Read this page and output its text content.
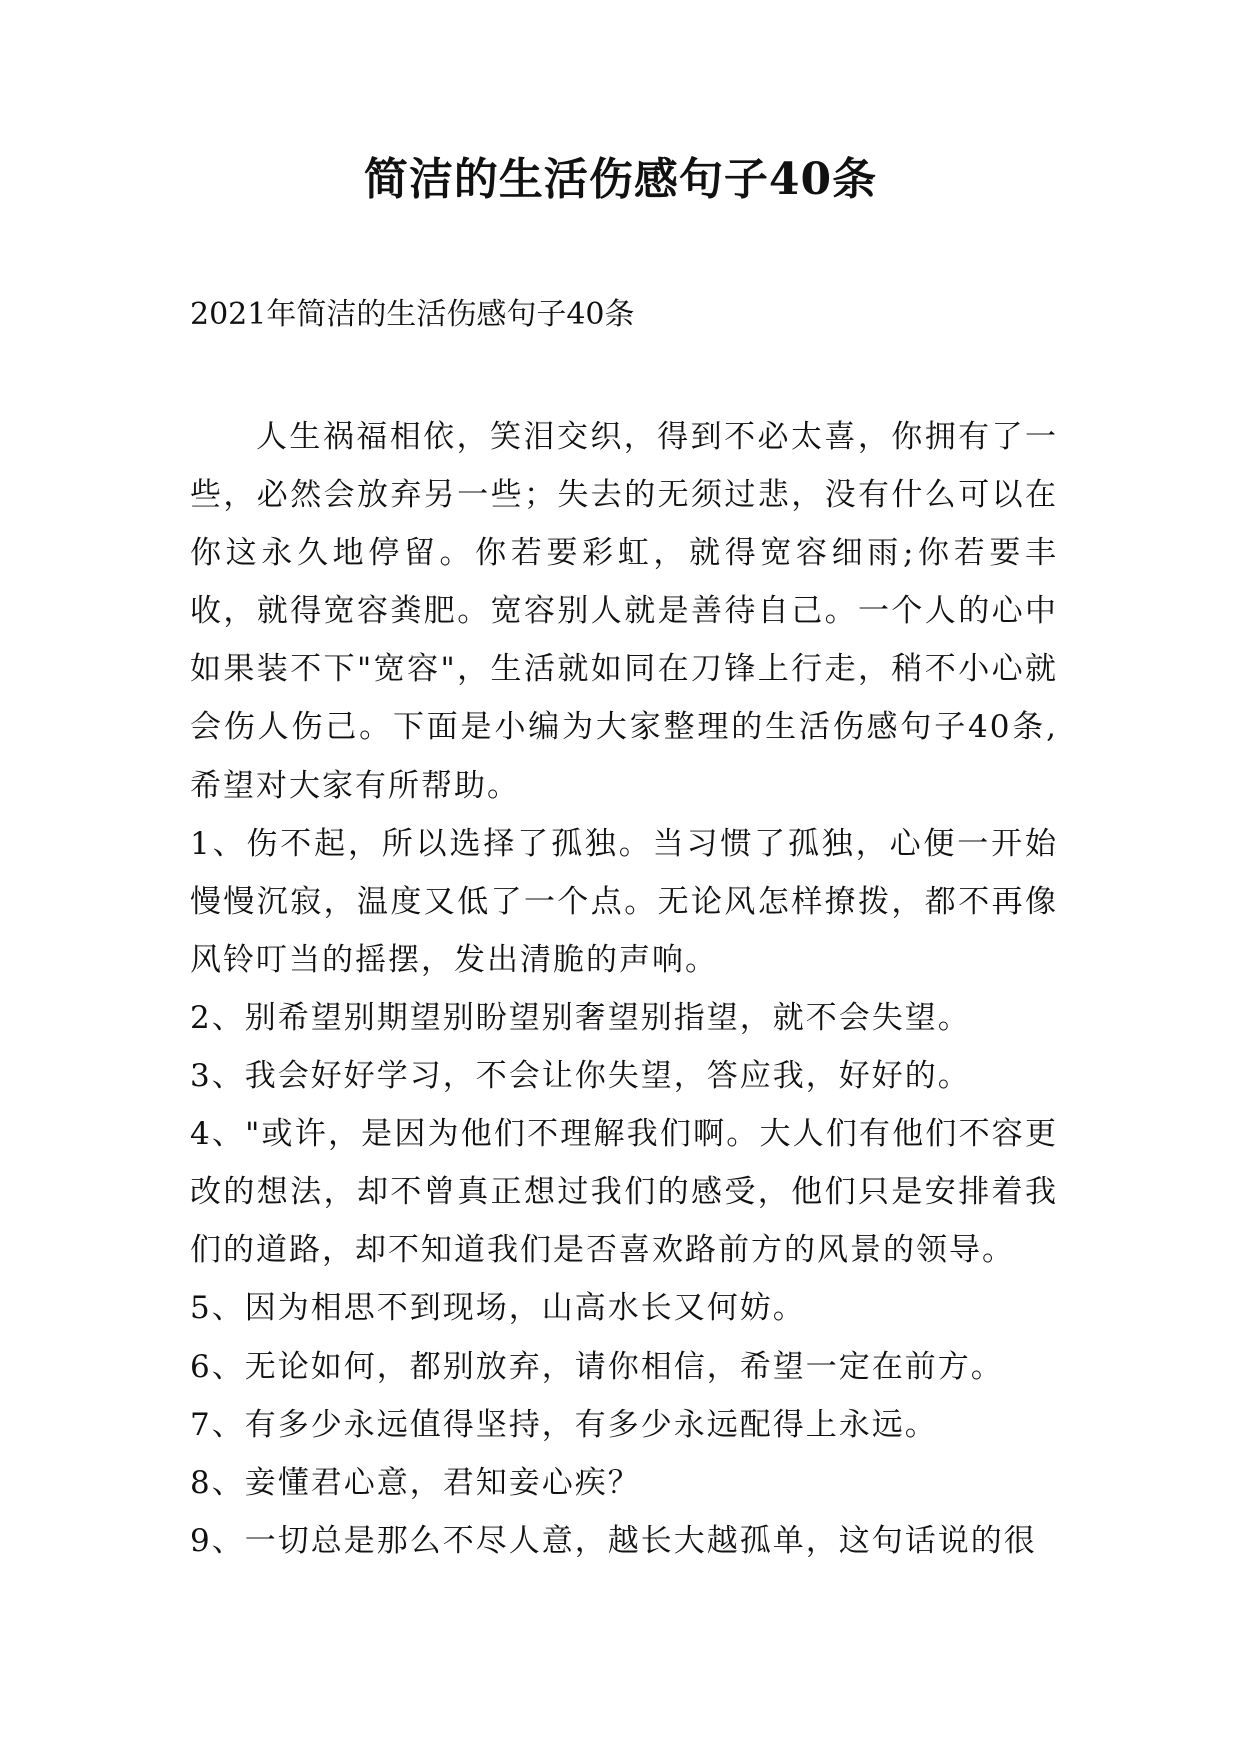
简洁的生活伤感句子40条

2021年简洁的生活伤感句子40条

人生祸福相依，笑泪交织，得到不必太喜，你拥有了一些，必然会放弃另一些；失去的无须过悲，没有什么可以在你这永久地停留。你若要彩虹，就得宽容细雨;你若要丰收，就得宽容粪肥。宽容别人就是善待自己。一个人的心中如果装不下"宽容"，生活就如同在刀锋上行走，稍不小心就会伤人伤己。下面是小编为大家整理的生活伤感句子40条,希望对大家有所帮助。

1、伤不起，所以选择了孤独。当习惯了孤独，心便一开始慢慢沉寂，温度又低了一个点。无论风怎样撩拨，都不再像风铃叮当的摇摆，发出清脆的声响。

2、别希望别期望别盼望别奢望别指望，就不会失望。

3、我会好好学习，不会让你失望，答应我，好好的。

4、"或许，是因为他们不理解我们啊。大人们有他们不容更改的想法，却不曾真正想过我们的感受，他们只是安排着我们的道路，却不知道我们是否喜欢路前方的风景的领导。

5、因为相思不到现场，山高水长又何妨。

6、无论如何，都别放弃，请你相信，希望一定在前方。

7、有多少永远值得坚持，有多少永远配得上永远。

8、妾懂君心意，君知妾心疾？

9、一切总是那么不尽人意，越长大越孤单，这句话说的很
